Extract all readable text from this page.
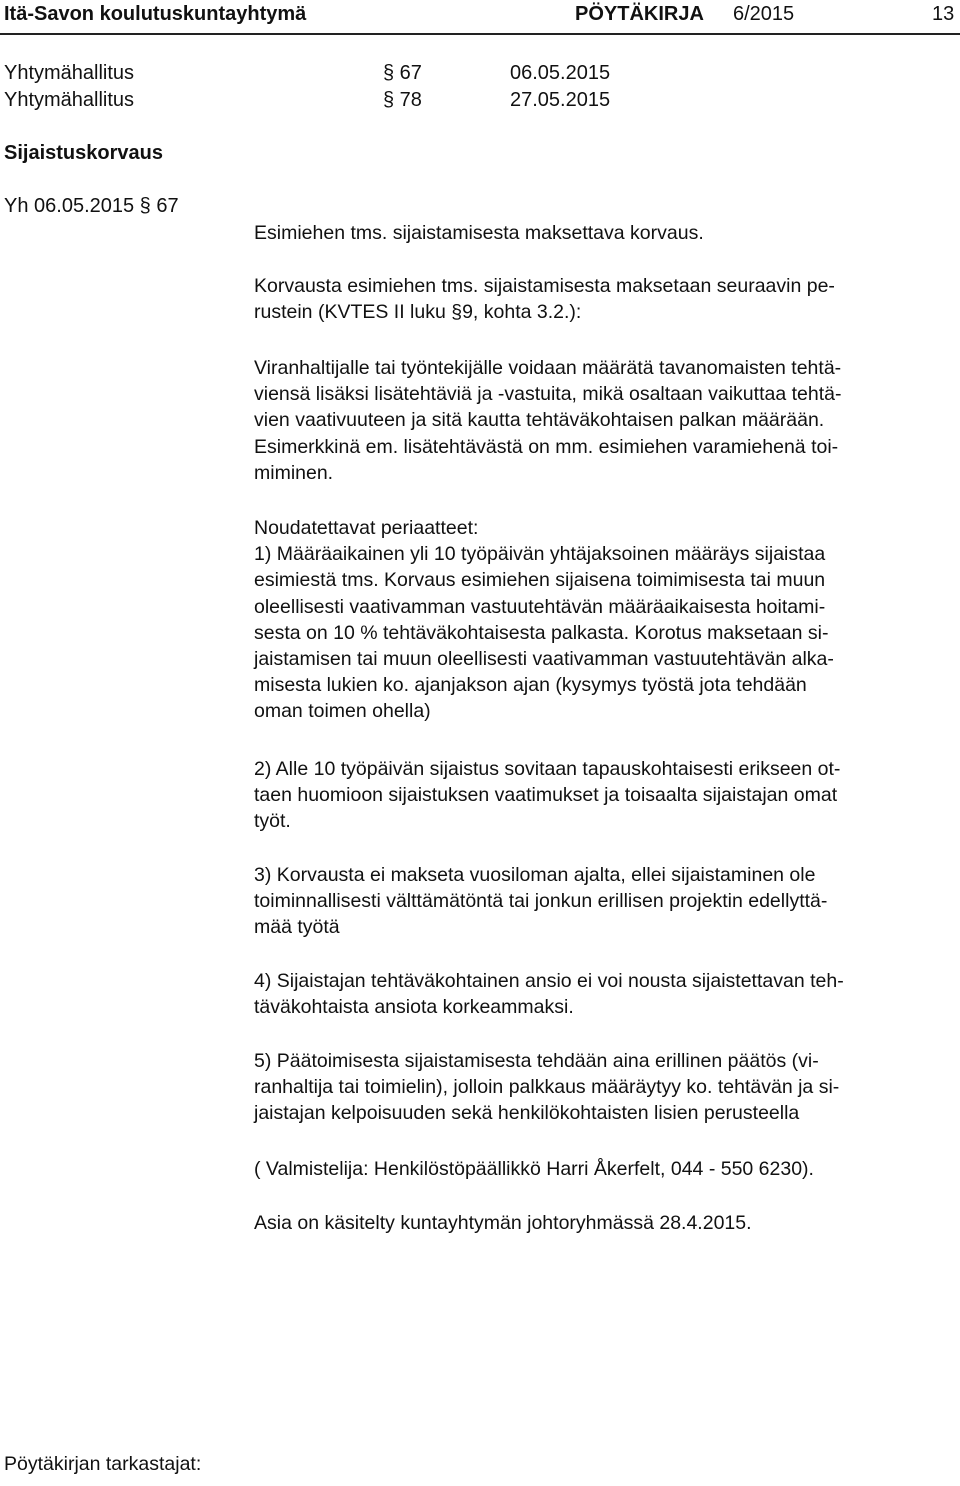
Itä-Savon koulutuskuntayhtymä	PÖYTÄKIRJA 6/2015	13
Yhtymähallitus	§ 67	06.05.2015
Yhtymähallitus	§ 78	27.05.2015
Sijaistuskorvaus
Yh 06.05.2015 § 67
Esimiehen tms. sijaistamisesta maksettava korvaus.
Korvausta esimiehen tms. sijaistamisesta maksetaan seuraavin pe-
rustein (KVTES II luku §9, kohta 3.2.):
Viranhaltijalle tai työntekijälle voidaan määrätä tavanomaisten tehtä-
viensä lisäksi lisätehtäviä ja -vastuita, mikä osaltaan vaikuttaa tehtä-
vien vaativuuteen ja sitä kautta tehtäväkohtaisen palkan määrään.
Esimerkkinä em. lisätehtävästä on mm. esimiehen varamiehenä toi-
miminen.
Noudatettavat periaatteet:
1) Määräaikainen yli 10 työpäivän yhtäjaksoinen määräys sijaistaa
esimiestä tms. Korvaus esimiehen sijaisena toimimisesta tai muun
oleellisesti vaativamman vastuutehtävän määräaikaisesta hoitami-
sesta on 10 % tehtäväkohtaisesta palkasta. Korotus maksetaan si-
jaistamisen tai muun oleellisesti vaativamman vastuutehtävän alka-
misesta lukien ko. ajanjakson ajan (kysymys työstä jota tehdään
oman toimen ohella)
2) Alle 10 työpäivän sijaistus sovitaan tapauskohtaisesti erikseen ot-
taen huomioon sijaistuksen vaatimukset ja toisaalta sijaistajan omat
työt.
3) Korvausta ei makseta vuosiloman ajalta, ellei sijaistaminen ole
toiminnallisesti välttämätöntä tai jonkun erillisen projektin edellyttä-
mää työtä
4) Sijaistajan tehtäväkohtainen ansio ei voi nousta sijaistettavan teh-
täväkohtaista ansiota korkeammaksi.
5) Päätoimisesta sijaistamisesta tehdään aina erillinen päätös (vi-
ranhaltija tai toimielin), jolloin palkkaus määräytyy ko. tehtävän ja si-
jaistajan kelpoisuuden sekä henkilökohtaisten lisien perusteella
( Valmistelija: Henkilöstöpäällikkö Harri Åkerfelt, 044 - 550 6230).
Asia on käsitelty kuntayhtymän johtoryhmässä 28.4.2015.
Pöytäkirjan tarkastajat:
